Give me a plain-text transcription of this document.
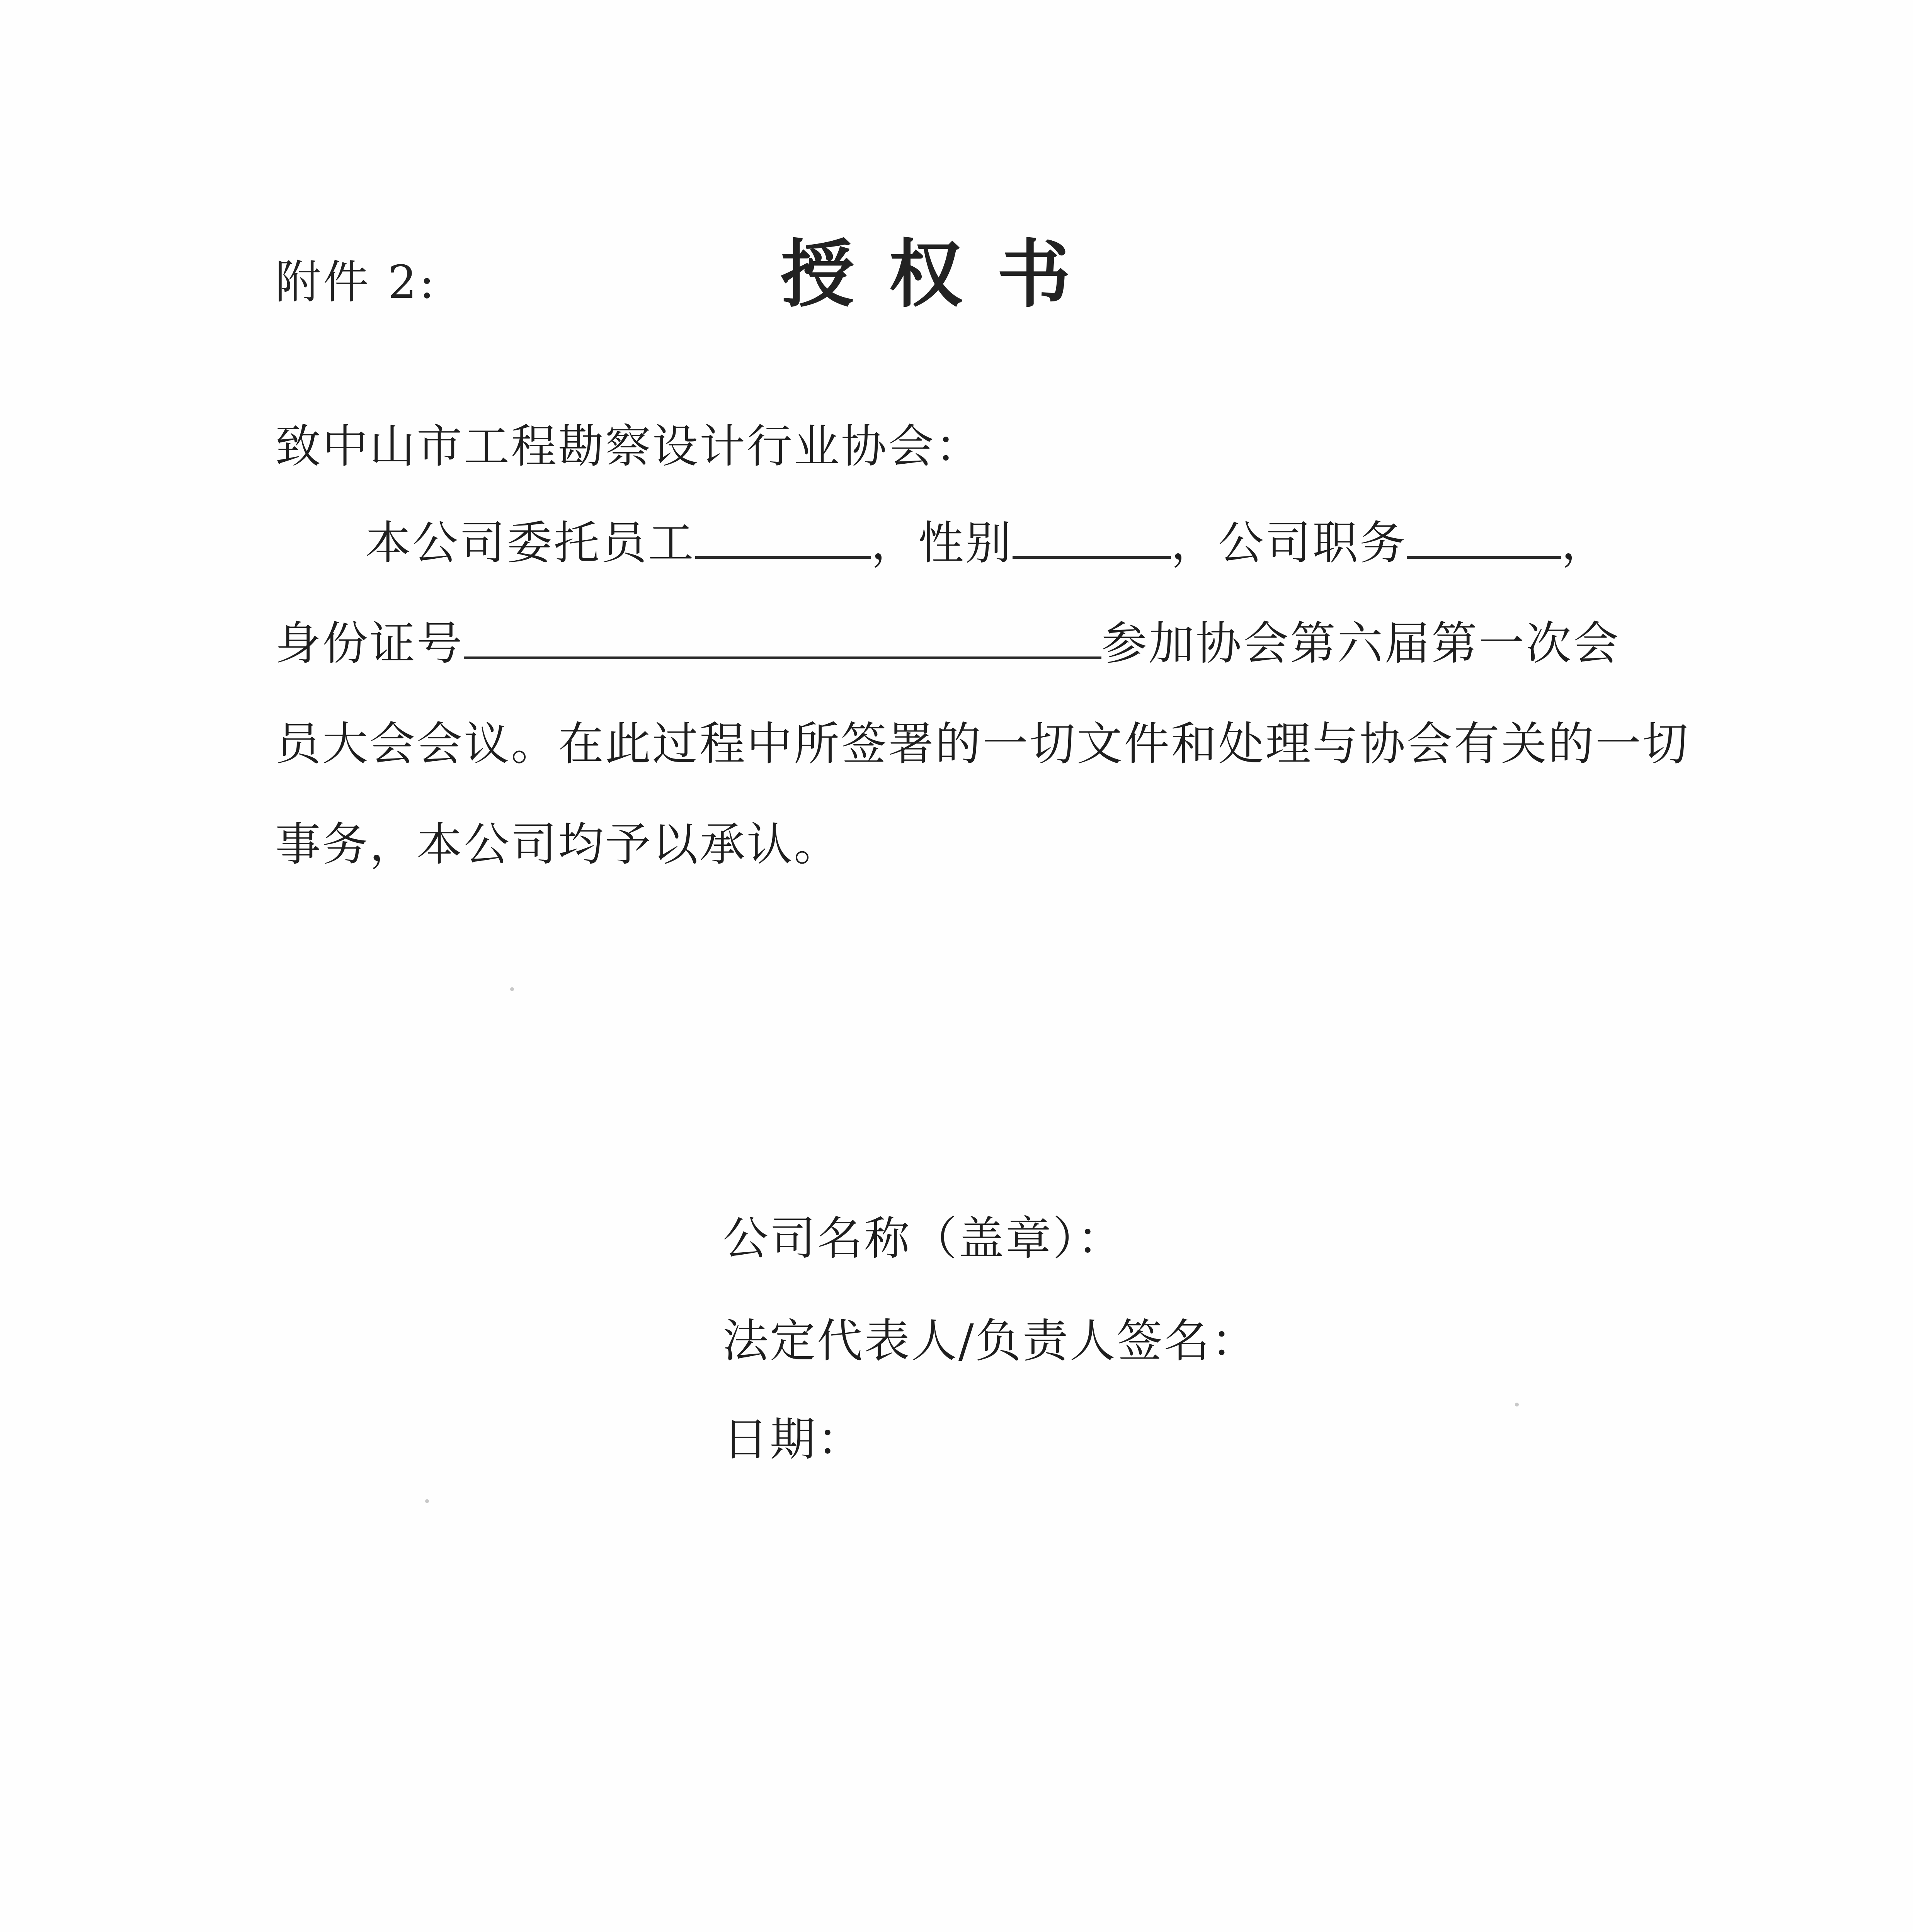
附件 2:	授权书
致中山市工程勘察设计行业协会：
本公司委托员工	，性别	，公司职务	，
身份证号	参加协会第六届第一次会
员大会会议。在此过程中所签署的一切文件和处理与协会有关的一切
事务，本公司均予以承认。
公司名称（盖章）：
法定代表人/负责人签名：
日期：
